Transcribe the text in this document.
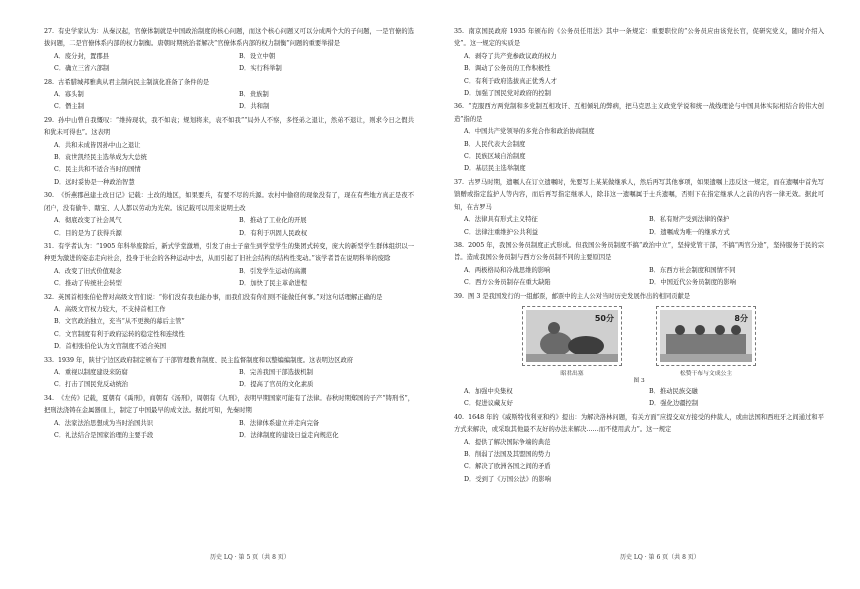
27. 有史学家认为：从秦汉起，官僚体制就是中国政治制度的核心问题，而这个核心问题又可以分成两个大的子问题，一是官僚的选拔问题，二是官僚体系内部的权力制衡。唐朝时期统治者解决“官僚体系内部的权力制衡”问题的重要举措是

A．废分封，置郡县	B．设立中朝
C．确立三省六部制	D．实行科举制

28. 古希腊城邦雅典从君主制向民主制演化准备了条件的是

A．寡头制	B．贵族制
C．僭主制	D．共和制

29. 孙中山曾自我慨叹：“维持现状，我不如袁；规划将来，袁不如我”“局外人不察，多怪弟之退让，然弟不退让，则求今日之假共和犹未可得也”。这表明

A．共和未成皆因孙中山之退让
B．袁世凯经民主选举成为大总统
C．民主共和不适合当时的国情
D．远时妥协是一种政治智慧

30. 《忻燕郡邑建土改日记》记载：土改的地区，如果要兵，有要不尽的兵源。农村中偷窃的现象没有了，现在有些地方真正是夜不闭户，没有偷牛、瞎宝、人人都以劳动为光荣。该记载可以用来说明土改

A．彻底改变了社会风气	B．推动了工业化的开展
C．目的是为了获得兵源	D．有利于巩固人民政权

31. 有学者认为：“1905 年科举废除后，新式学堂激增，引发了由士子童生到学堂学生的集团式转变，庞大的新型学生群体组织以一种更为激进的姿态走向社会，投身于社会的各种运动中去，从而引起了旧社会结构的结构性变动。”该学者旨在说明科举的废除

A．改变了旧式价值观念	B．引发学生运动的高潮
C．推动了传统社会转型	D．加快了民主革命进程

32. 英国首相张伯伦曾对高级文官们说：“你们没有我也能办事，而我们没有你们则不能做任何事。”对这句话理解正确的是

A．高级文官权力较大，不支持首相工作
B．文官政治独立，充当“从不更换的幕后主管”
C．文官制度有利于政府运转的稳定性和连续性
D．首相张伯伦认为文官制度不适合英国

33. 1939 年，陕甘宁边区政府制定颁布了干部管理教育制度、民主监督制度和以整编编制度。这表明边区政府

A．重视以制度建设来防腐	B．完善我国干部选拔机制
C．打击了国民党反动统治	D．提高了官员的文化素质

34. 《左传》记载，夏朝有《禹刑》，商朝有《汤刑》，周朝有《九刑》，表明早期国家可能有了法律。春秋时期郑国的子产“铸刑书”，把刑法浇铸在金属器皿上，制定了中国最早的成文法。据此可知，先秦时期

A．法家法治思想成为当时治国共识	B．法律体系建立并走向完备
C．礼法结合是国家治理的主要手段	D．法律制度的建设日益走向规范化

35. 南京国民政府 1935 年颁布的《公务员任用法》其中一条规定：重要职位的“公务员应由该党长官，促研究党义，随时介绍入党”。这一规定的实质是

A．剥夺了共产党参政议政的权力
B．调动了公务员的工作积极性
C．有利于政府选拔真正优秀人才
D．加强了国民党对政府的控制

36. “克服西方两党制和多党制互相攻讦、互相倾轧的弊病，把马克思主义政党学说和统一战线理论与中国具体实际相结合的伟大创造”指的是

A．中国共产党领导的多党合作和政治协商制度
B．人民代表大会制度
C．民族区域自治制度
D．基层民主选举制度

37. 古罗马时期，遗嘱人在订立遗嘱时，先要写上某某做继承人，然后再写其他事项，如果遗嘱上违反这一规定，而在遗嘱中首先写馈赠或指定监护人等内容，而后再写指定继承人，除非这一遗嘱属于士兵遗嘱，否则下在指定继承人之前的内容一律无效。据此可知，在古罗马

A．法律具有形式主义特征	B．私有财产受到法律的保护
C．法律注重维护公共利益	D．遗嘱成为唯一的继承方式

38. 2005 年，我国公务员制度正式形成。但我国公务员制度不搞“政治中立”，坚持党管干部，不搞“两官分途”，坚持服务于民的宗旨。造成我国公务员制与西方公务员制不同的主要原因是

A．两极格局和冷战思维的影响	B．东西方社会制度和国情不同
C．西方公务员制存在重大缺陷	D．中国近代公务员制度的影响

39. 图 3 是我国发行的一组邮票，邮票中的主人公对当时历史发展作出的相同贡献是

50分
昭君出塞
8分
松赞干布与文成公主
图 3
A．加强中央集权	B．推动民族交融
C．促进议藏友好	D．强化边疆控制

40. 1648 年的《威斯特伐利亚和约》提出：为解决洛林问题，有关方面“应提交双方接受的仲裁人，或由法国和西班牙之间通过和平方式来解决，或采取其他最不友好的办法来解决……而不使用武力”。这一规定

A．提供了解决国际争端的典范
B．削弱了法国及其盟国的势力
C．解决了欧洲各国之间的矛盾
D．受到了《万国公法》的影响
历史 LQ · 第 5 页（共 8 页）	历史 LQ · 第 6 页（共 8 页）
